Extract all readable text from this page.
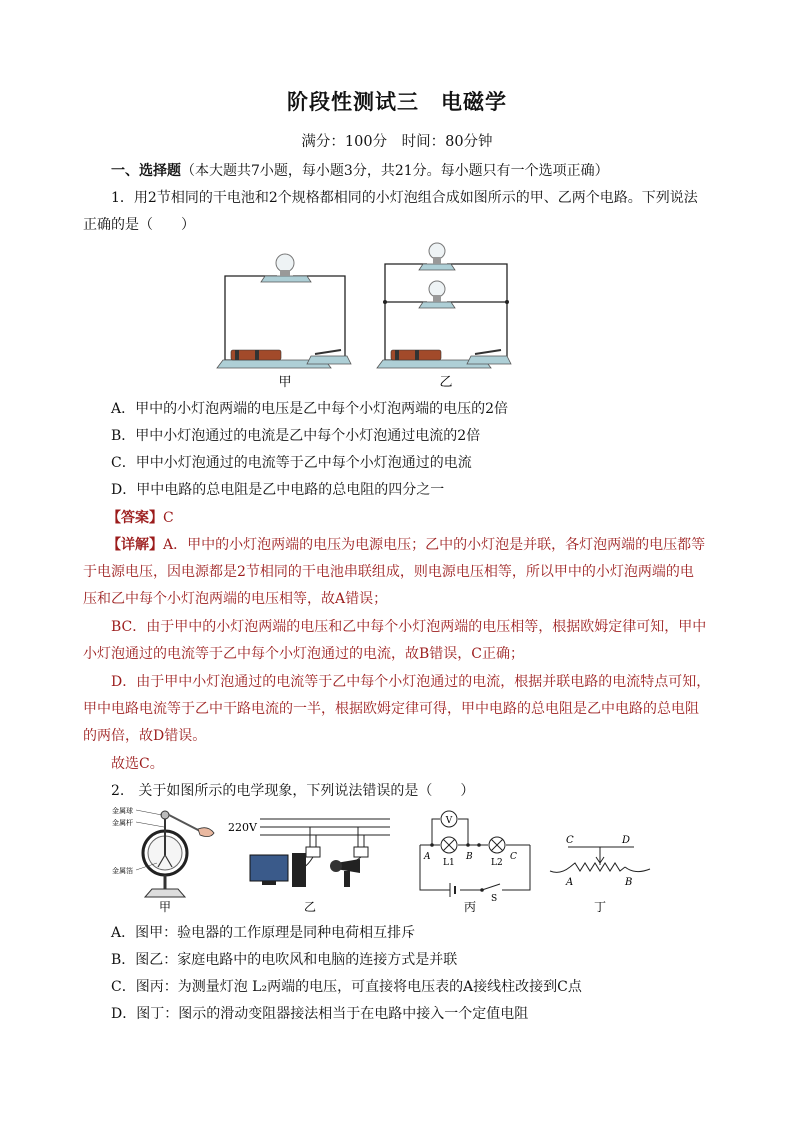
阶段性测试三　电磁学
满分：100分　时间：80分钟
一、选择题（本大题共7小题，每小题3分，共21分。每小题只有一个选项正确）
1．用2节相同的干电池和2个规格都相同的小灯泡组合成如图所示的甲、乙两个电路。下列说法
正确的是（　　）
甲	乙
A．甲中的小灯泡两端的电压是乙中每个小灯泡两端的电压的2倍
B．甲中小灯泡通过的电流是乙中每个小灯泡通过电流的2倍
C．甲中小灯泡通过的电流等于乙中每个小灯泡通过的电流
D．甲中电路的总电阻是乙中电路的总电阻的四分之一
【答案】C
【详解】A．甲中的小灯泡两端的电压为电源电压；乙中的小灯泡是并联，各灯泡两端的电压都等
于电源电压，因电源都是2节相同的干电池串联组成，则电源电压相等，所以甲中的小灯泡两端的电
压和乙中每个小灯泡两端的电压相等，故A错误；
BC．由于甲中的小灯泡两端的电压和乙中每个小灯泡两端的电压相等，根据欧姆定律可知，甲中
小灯泡通过的电流等于乙中每个小灯泡通过的电流，故B错误，C正确；
D．由于甲中小灯泡通过的电流等于乙中每个小灯泡通过的电流，根据并联电路的电流特点可知，
甲中电路电流等于乙中干路电流的一半，根据欧姆定律可得，甲中电路的总电阻是乙中电路的总电阻
的两倍，故D错误。
故选C。
2.　关于如图所示的电学现象，下列说法错误的是（　　）
金属球
金属杆
金属箔
甲
220V
乙
S
V
A	B	C
L1	L2
丙
C	D
A	B
丁
A．图甲：验电器的工作原理是同种电荷相互排斥
B．图乙：家庭电路中的电吹风和电脑的连接方式是并联
C．图丙：为测量灯泡 L₂两端的电压，可直接将电压表的A接线柱改接到C点
D．图丁：图示的滑动变阻器接法相当于在电路中接入一个定值电阻
